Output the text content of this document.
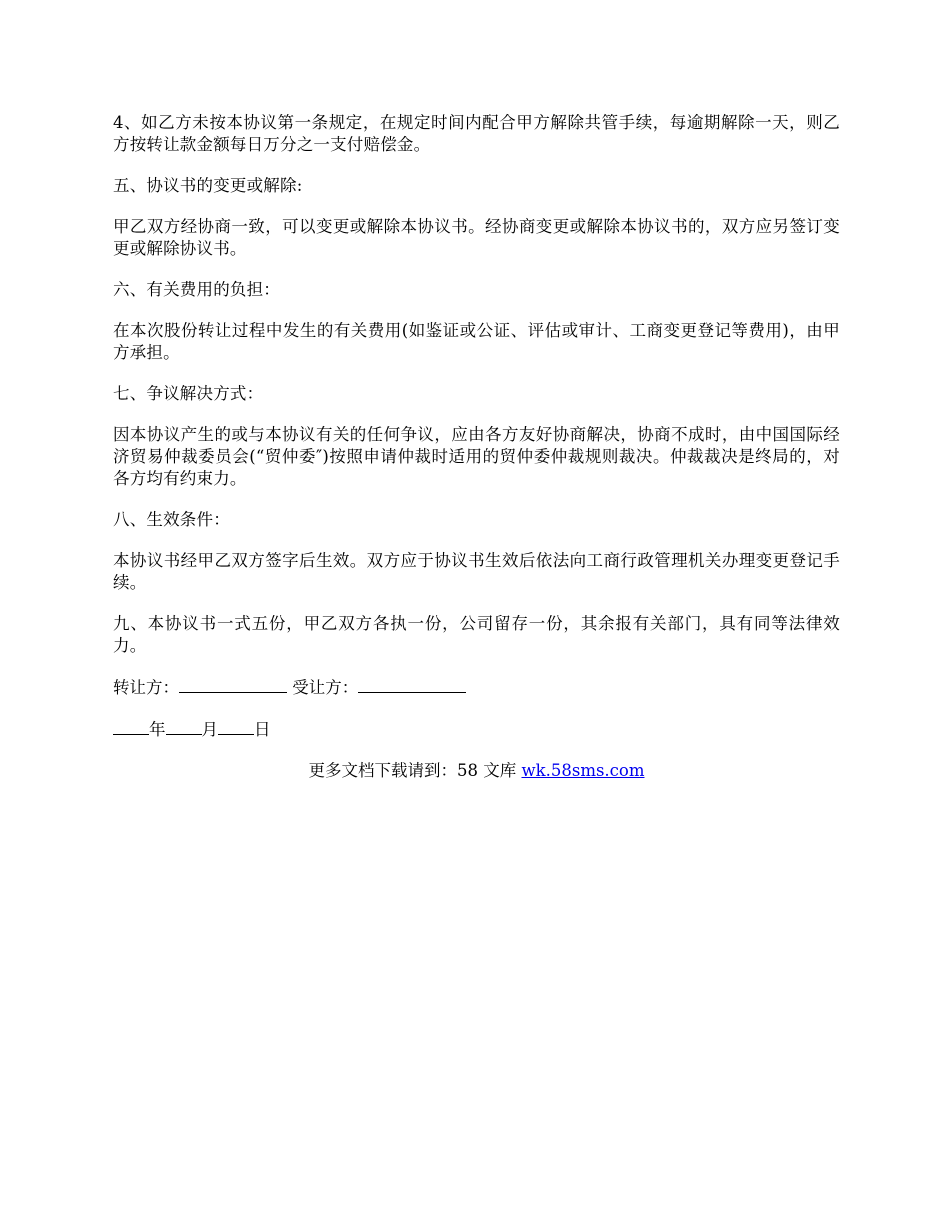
4、如乙方未按本协议第一条规定，在规定时间内配合甲方解除共管手续，每逾期解除一天，则乙方按转让款金额每日万分之一支付赔偿金。

五、协议书的变更或解除:

甲乙双方经协商一致，可以变更或解除本协议书。经协商变更或解除本协议书的，双方应另签订变更或解除协议书。

六、有关费用的负担：

在本次股份转让过程中发生的有关费用(如鉴证或公证、评估或审计、工商变更登记等费用)，由甲方承担。

七、争议解决方式：

因本协议产生的或与本协议有关的任何争议，应由各方友好协商解决，协商不成时，由中国国际经济贸易仲裁委员会(“贸仲委″)按照申请仲裁时适用的贸仲委仲裁规则裁决。仲裁裁决是终局的，对各方均有约束力。

八、生效条件：

本协议书经甲乙双方签字后生效。双方应于协议书生效后依法向工商行政管理机关办理变更登记手续。

九、本协议书一式五份，甲乙双方各执一份，公司留存一份，其余报有关部门，具有同等法律效力。

转让方：	受让方：

年 月 日

更多文档下载请到：58 文库 wk.58sms.com
